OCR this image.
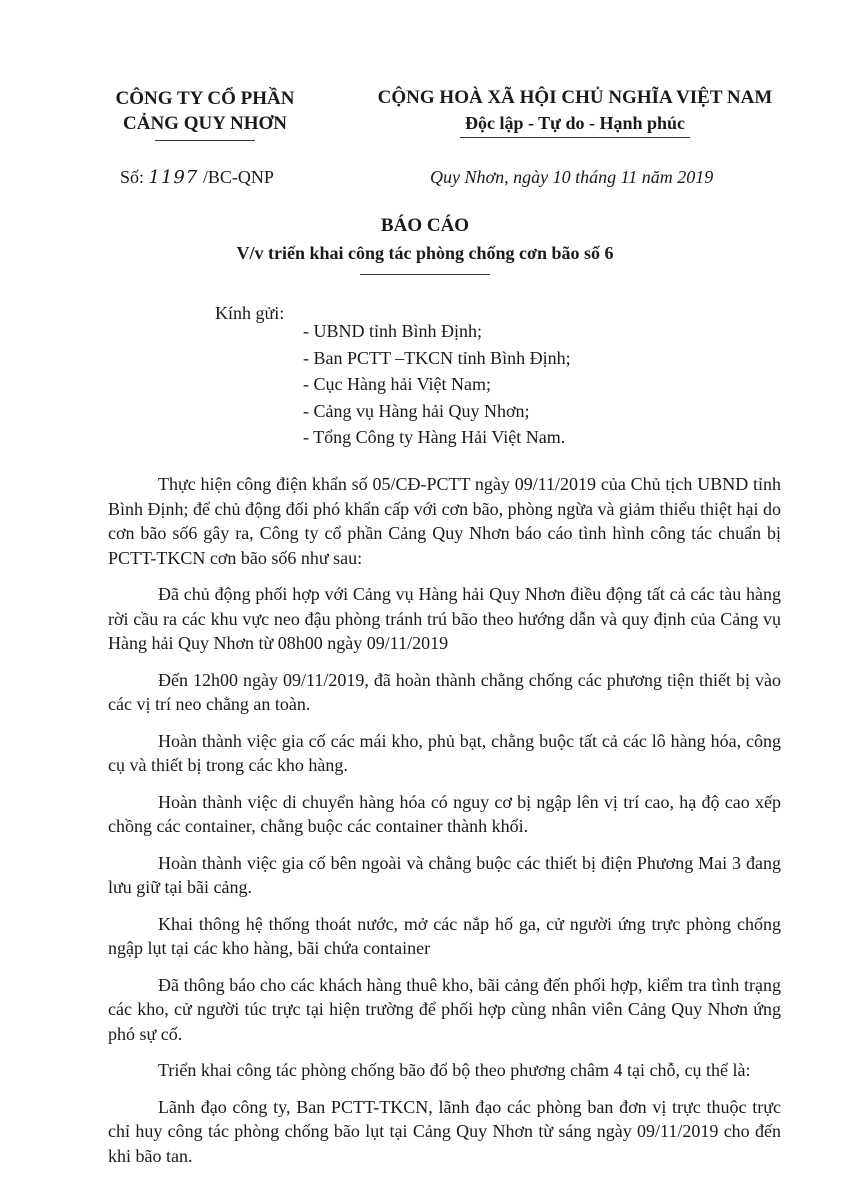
CÔNG TY CỔ PHẦN
CẢNG QUY NHƠN
CỘNG HOÀ XÃ HỘI CHỦ NGHĨA VIỆT NAM
Độc lập - Tự do - Hạnh phúc
Số: 1197 /BC-QNP	Quy Nhơn, ngày 10 tháng 11 năm 2019
BÁO CÁO
V/v triển khai công tác phòng chống cơn bão số 6
Kính gửi:
- UBND tỉnh Bình Định;
- Ban PCTT –TKCN tỉnh Bình Định;
- Cục Hàng hải Việt Nam;
- Cảng vụ Hàng hải Quy Nhơn;
- Tổng Công ty Hàng Hải Việt Nam.

Thực hiện công điện khẩn số 05/CĐ-PCTT ngày 09/11/2019 của Chủ tịch UBND tỉnh Bình Định; để chủ động đối phó khẩn cấp với cơn bão, phòng ngừa và giảm thiểu thiệt hại do cơn bão số6 gây ra, Công ty cổ phần Cảng Quy Nhơn báo cáo tình hình công tác chuẩn bị PCTT-TKCN cơn bão số6 như sau:

Đã chủ động phối hợp với Cảng vụ Hàng hải Quy Nhơn điều động tất cả các tàu hàng rời cầu ra các khu vực neo đậu phòng tránh trú bão theo hướng dẫn và quy định của Cảng vụ Hàng hải Quy Nhơn từ 08h00 ngày 09/11/2019

Đến 12h00 ngày 09/11/2019, đã hoàn thành chằng chống các phương tiện thiết bị vào các vị trí neo chằng an toàn.

Hoàn thành việc gia cố các mái kho, phủ bạt, chằng buộc tất cả các lô hàng hóa, công cụ và thiết bị trong các kho hàng.

Hoàn thành việc di chuyển hàng hóa có nguy cơ bị ngập lên vị trí cao, hạ độ cao xếp chồng các container, chằng buộc các container thành khối.

Hoàn thành việc gia cố bên ngoài và chằng buộc các thiết bị điện Phương Mai 3 đang lưu giữ tại bãi cảng.

Khai thông hệ thống thoát nước, mở các nắp hố ga, cử người ứng trực phòng chống ngập lụt tại các kho hàng, bãi chứa container

Đã thông báo cho các khách hàng thuê kho, bãi cảng đến phối hợp, kiểm tra tình trạng các kho, cử người túc trực tại hiện trường để phối hợp cùng nhân viên Cảng Quy Nhơn ứng phó sự cố.

Triển khai công tác phòng chống bão đổ bộ theo phương châm 4 tại chỗ, cụ thể là:

Lãnh đạo công ty, Ban PCTT-TKCN, lãnh đạo các phòng ban đơn vị trực thuộc trực chỉ huy công tác phòng chống bão lụt tại Cảng Quy Nhơn từ sáng ngày 09/11/2019 cho đến khi bão tan.
